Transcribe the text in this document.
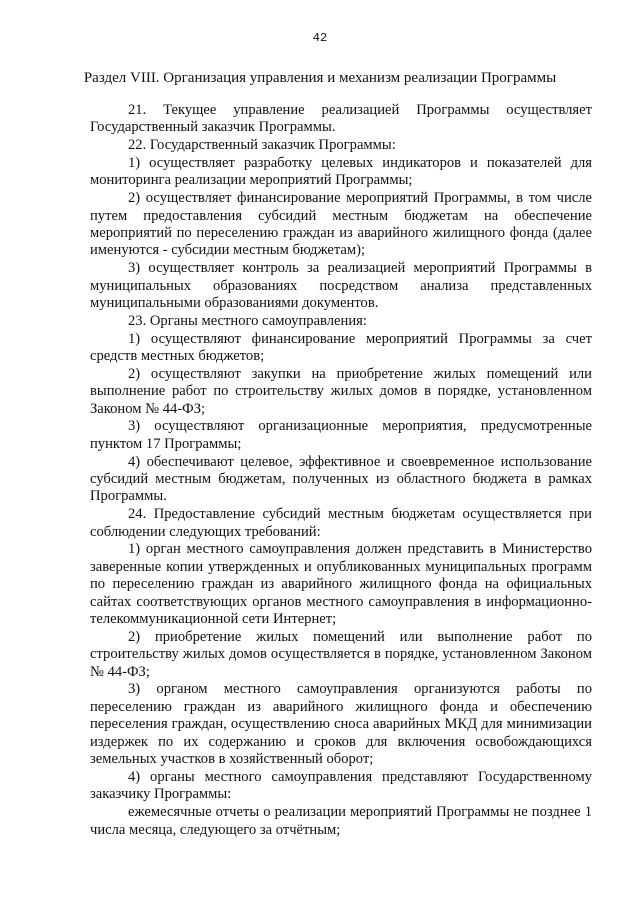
42
Раздел VIII. Организация управления и механизм реализации Программы

21. Текущее управление реализацией Программы осуществляет Государственный заказчик Программы.

22. Государственный заказчик Программы:

1) осуществляет разработку целевых индикаторов и показателей для мониторинга реализации мероприятий Программы;

2) осуществляет финансирование мероприятий Программы, в том числе путем предоставления субсидий местным бюджетам на обеспечение мероприятий по переселению граждан из аварийного жилищного фонда (далее именуются - субсидии местным бюджетам);

3) осуществляет контроль за реализацией мероприятий Программы в муниципальных образованиях посредством анализа представленных муниципальными образованиями документов.

23. Органы местного самоуправления:

1) осуществляют финансирование мероприятий Программы за счет средств местных бюджетов;

2) осуществляют закупки на приобретение жилых помещений или выполнение работ по строительству жилых домов в порядке, установленном Законом № 44-ФЗ;

3) осуществляют организационные мероприятия, предусмотренные пунктом 17 Программы;

4) обеспечивают целевое, эффективное и своевременное использование субсидий местным бюджетам, полученных из областного бюджета в рамках Программы.

24. Предоставление субсидий местным бюджетам осуществляется при соблюдении следующих требований:

1) орган местного самоуправления должен представить в Министерство заверенные копии утвержденных и опубликованных муниципальных программ по переселению граждан из аварийного жилищного фонда на официальных сайтах соответствующих органов местного самоуправления в информационно-телекоммуникационной сети Интернет;

2) приобретение жилых помещений или выполнение работ по строительству жилых домов осуществляется в порядке, установленном Законом № 44-ФЗ;

3) органом местного самоуправления организуются работы по переселению граждан из аварийного жилищного фонда и обеспечению переселения граждан, осуществлению сноса аварийных МКД для минимизации издержек по их содержанию и сроков для включения освобождающихся земельных участков в хозяйственный оборот;

4) органы местного самоуправления представляют Государственному заказчику Программы:

ежемесячные отчеты о реализации мероприятий Программы не позднее 1 числа месяца, следующего за отчётным;
